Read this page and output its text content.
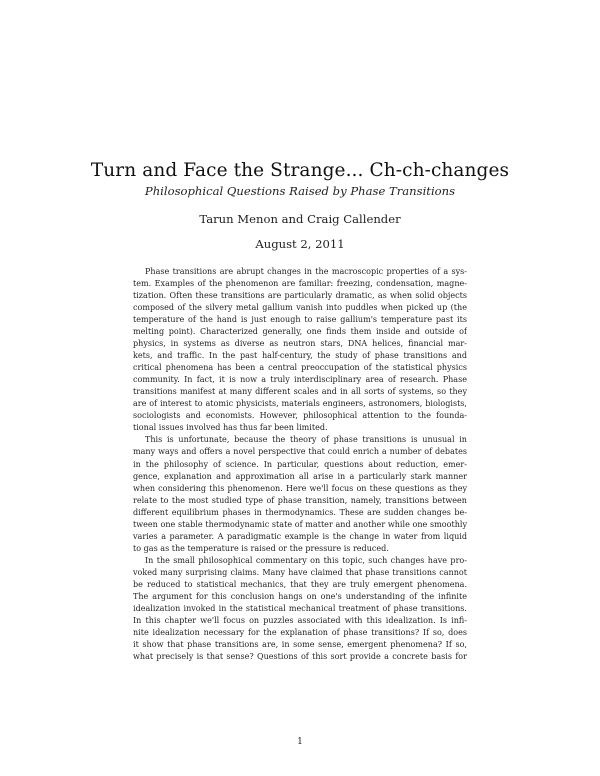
Turn and Face the Strange... Ch-ch-changes
Philosophical Questions Raised by Phase Transitions
Tarun Menon and Craig Callender
August 2, 2011
Phase transitions are abrupt changes in the macroscopic properties of a sys-
tem. Examples of the phenomenon are familiar: freezing, condensation, magne-
tization. Often these transitions are particularly dramatic, as when solid objects
composed of the silvery metal gallium vanish into puddles when picked up (the
temperature of the hand is just enough to raise gallium's temperature past its
melting point). Characterized generally, one finds them inside and outside of
physics, in systems as diverse as neutron stars, DNA helices, financial mar-
kets, and traffic. In the past half-century, the study of phase transitions and
critical phenomena has been a central preoccupation of the statistical physics
community. In fact, it is now a truly interdisciplinary area of research. Phase
transitions manifest at many different scales and in all sorts of systems, so they
are of interest to atomic physicists, materials engineers, astronomers, biologists,
sociologists and economists. However, philosophical attention to the founda-
tional issues involved has thus far been limited.
This is unfortunate, because the theory of phase transitions is unusual in
many ways and offers a novel perspective that could enrich a number of debates
in the philosophy of science. In particular, questions about reduction, emer-
gence, explanation and approximation all arise in a particularly stark manner
when considering this phenomenon. Here we'll focus on these questions as they
relate to the most studied type of phase transition, namely, transitions between
different equilibrium phases in thermodynamics. These are sudden changes be-
tween one stable thermodynamic state of matter and another while one smoothly
varies a parameter. A paradigmatic example is the change in water from liquid
to gas as the temperature is raised or the pressure is reduced.
In the small philosophical commentary on this topic, such changes have pro-
voked many surprising claims. Many have claimed that phase transitions cannot
be reduced to statistical mechanics, that they are truly emergent phenomena.
The argument for this conclusion hangs on one's understanding of the infinite
idealization invoked in the statistical mechanical treatment of phase transitions.
In this chapter we'll focus on puzzles associated with this idealization. Is infi-
nite idealization necessary for the explanation of phase transitions? If so, does
it show that phase transitions are, in some sense, emergent phenomena? If so,
what precisely is that sense? Questions of this sort provide a concrete basis for
1
